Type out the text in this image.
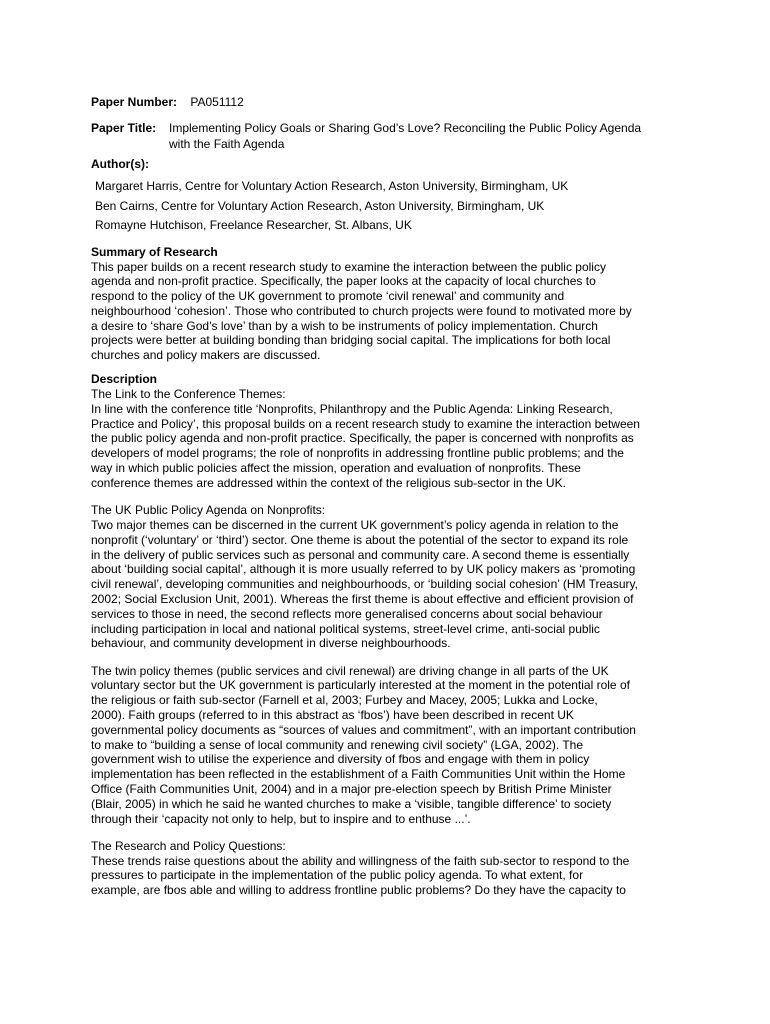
Paper Number: PA051112
Paper Title:	Implementing Policy Goals or Sharing God’s Love? Reconciling the Public Policy Agenda
with the Faith Agenda
Author(s):
Margaret Harris, Centre for Voluntary Action Research, Aston University, Birmingham, UK
Ben Cairns, Centre for Voluntary Action Research, Aston University, Birmingham, UK
Romayne Hutchison, Freelance Researcher, St. Albans, UK
Summary of Research
This paper builds on a recent research study to examine the interaction between the public policy
agenda and non-profit practice. Specifically, the paper looks at the capacity of local churches to
respond to the policy of the UK government to promote ‘civil renewal’ and community and
neighbourhood ‘cohesion’. Those who contributed to church projects were found to motivated more by
a desire to ‘share God’s love’ than by a wish to be instruments of policy implementation. Church
projects were better at building bonding than bridging social capital. The implications for both local
churches and policy makers are discussed.
Description
The Link to the Conference Themes:
In line with the conference title ‘Nonprofits, Philanthropy and the Public Agenda: Linking Research,
Practice and Policy’, this proposal builds on a recent research study to examine the interaction between
the public policy agenda and non-profit practice. Specifically, the paper is concerned with nonprofits as
developers of model programs; the role of nonprofits in addressing frontline public problems; and the
way in which public policies affect the mission, operation and evaluation of nonprofits. These
conference themes are addressed within the context of the religious sub-sector in the UK.
The UK Public Policy Agenda on Nonprofits:
Two major themes can be discerned in the current UK government’s policy agenda in relation to the
nonprofit (‘voluntary’ or ‘third’) sector. One theme is about the potential of the sector to expand its role
in the delivery of public services such as personal and community care. A second theme is essentially
about ‘building social capital’, although it is more usually referred to by UK policy makers as ‘promoting
civil renewal’, developing communities and neighbourhoods, or ‘building social cohesion’ (HM Treasury,
2002; Social Exclusion Unit, 2001). Whereas the first theme is about effective and efficient provision of
services to those in need, the second reflects more generalised concerns about social behaviour
including participation in local and national political systems, street-level crime, anti-social public
behaviour, and community development in diverse neighbourhoods.
The twin policy themes (public services and civil renewal) are driving change in all parts of the UK
voluntary sector but the UK government is particularly interested at the moment in the potential role of
the religious or faith sub-sector (Farnell et al, 2003; Furbey and Macey, 2005; Lukka and Locke,
2000). Faith groups (referred to in this abstract as ‘fbos’) have been described in recent UK
governmental policy documents as “sources of values and commitment”, with an important contribution
to make to “building a sense of local community and renewing civil society” (LGA, 2002). The
government wish to utilise the experience and diversity of fbos and engage with them in policy
implementation has been reflected in the establishment of a Faith Communities Unit within the Home
Office (Faith Communities Unit, 2004) and in a major pre-election speech by British Prime Minister
(Blair, 2005) in which he said he wanted churches to make a ‘visible, tangible difference’ to society
through their ‘capacity not only to help, but to inspire and to enthuse ...’.
The Research and Policy Questions:
These trends raise questions about the ability and willingness of the faith sub-sector to respond to the
pressures to participate in the implementation of the public policy agenda. To what extent, for
example, are fbos able and willing to address frontline public problems? Do they have the capacity to
